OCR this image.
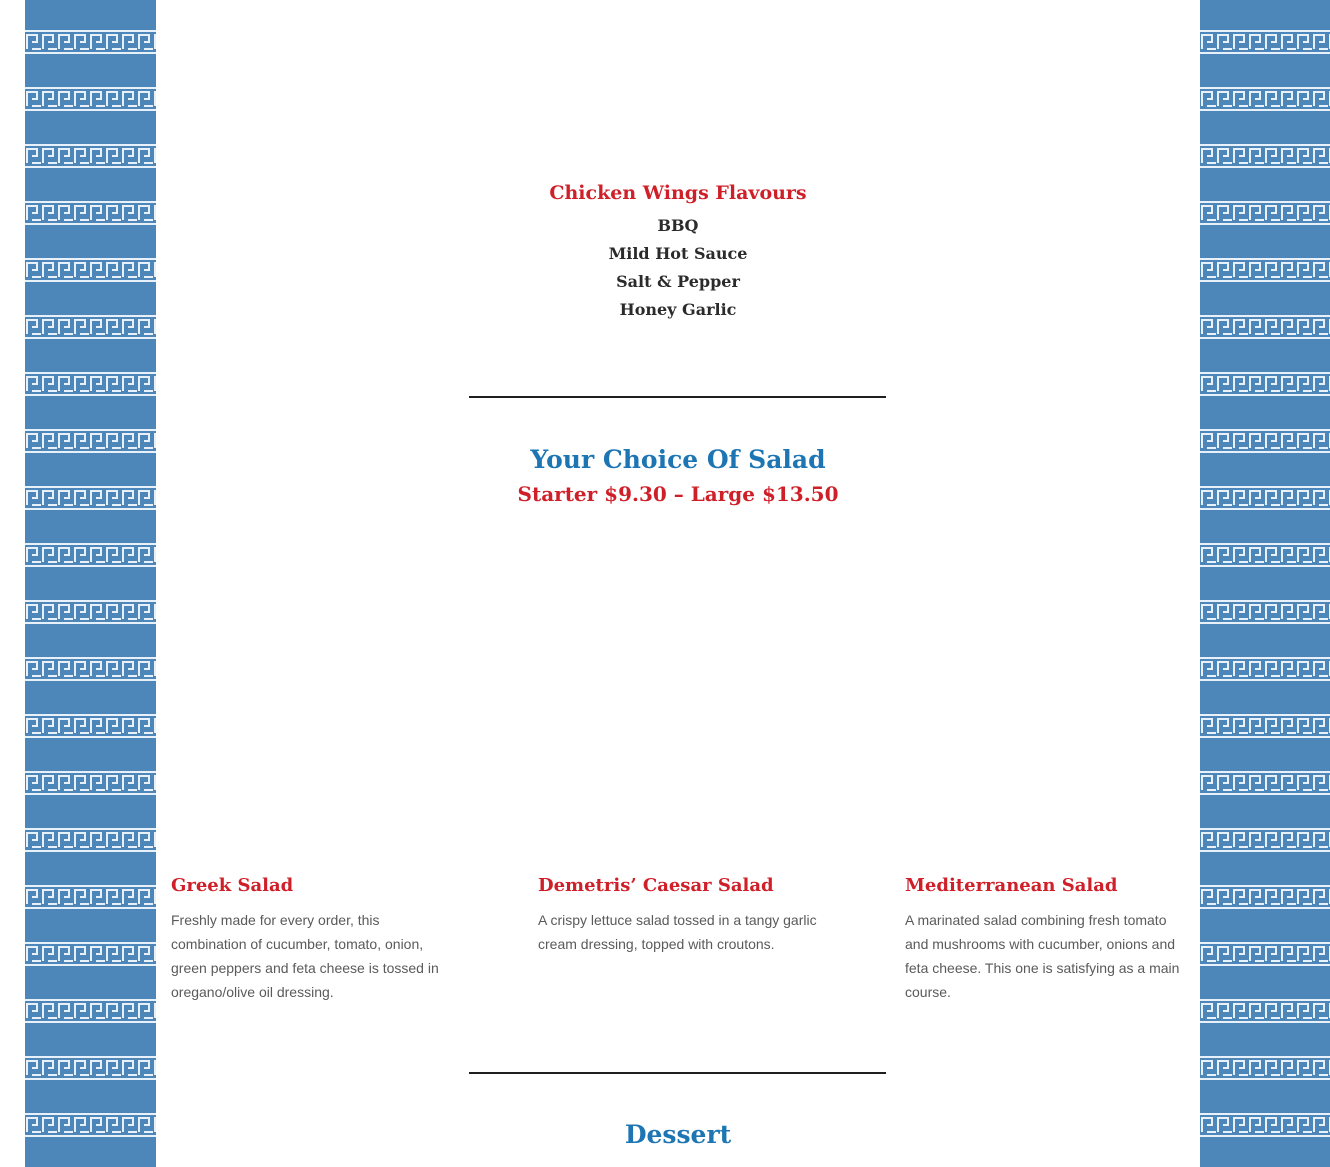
Chicken Wings Flavours
BBQ
Mild Hot Sauce
Salt & Pepper
Honey Garlic
Your Choice Of Salad
Starter $9.30 – Large $13.50
Greek Salad

Freshly made for every order, this combination of cucumber, tomato, onion, green peppers and feta cheese is tossed in oregano/olive oil dressing.

Demetris’ Caesar Salad

A crispy lettuce salad tossed in a tangy garlic cream dressing, topped with croutons.

Mediterranean Salad

A marinated salad combining fresh tomato and mushrooms with cucumber, onions and feta cheese. This one is satisfying as a main course.

Dessert
